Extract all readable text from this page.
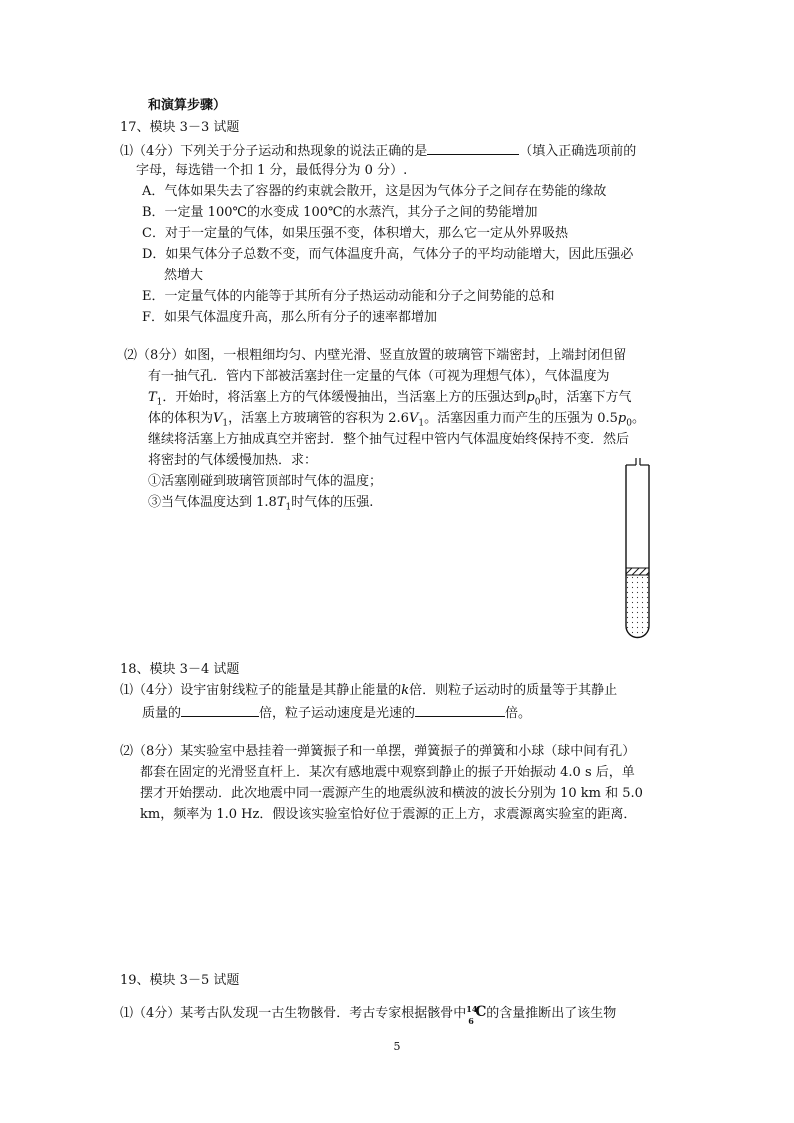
和演算步骤）
17、模块 3－3 试题
⑴（4分）下列关于分子运动和热现象的说法正确的是	（填入正确选项前的
字母，每选错一个扣 1 分，最低得分为 0 分）.
A．气体如果失去了容器的约束就会散开，这是因为气体分子之间存在势能的缘故
B．一定量 100℃的水变成 100℃的水蒸汽，其分子之间的势能增加
C．对于一定量的气体，如果压强不变，体积增大，那么它一定从外界吸热
D．如果气体分子总数不变，而气体温度升高，气体分子的平均动能增大，因此压强必
然增大
E．一定量气体的内能等于其所有分子热运动动能和分子之间势能的总和
F．如果气体温度升高，那么所有分子的速率都增加
⑵（8分）如图，一根粗细均匀、内壁光滑、竖直放置的玻璃管下端密封，上端封闭但留
有一抽气孔．管内下部被活塞封住一定量的气体（可视为理想气体），气体温度为
$T_1$．开始时，将活塞上方的气体缓慢抽出，当活塞上方的压强达到$p_0$时，活塞下方气
体的体积为$V_1$，活塞上方玻璃管的容积为 $2.6V_1$。活塞因重力而产生的压强为 $0.5p_0$。
继续将活塞上方抽成真空并密封．整个抽气过程中管内气体温度始终保持不变．然后
将密封的气体缓慢加热．求：
①活塞刚碰到玻璃管顶部时气体的温度；
③当气体温度达到 $1.8T_1$时气体的压强.
18、模块 3－4 试题
⑴（4分）设宇宙射线粒子的能量是其静止能量的k倍．则粒子运动时的质量等于其静止
质量的	倍，粒子运动速度是光速的	倍。
⑵（8分）某实验室中悬挂着一弹簧振子和一单摆，弹簧振子的弹簧和小球（球中间有孔）
都套在固定的光滑竖直杆上．某次有感地震中观察到静止的振子开始振动 4.0 s 后，单
摆才开始摆动．此次地震中同一震源产生的地震纵波和横波的波长分别为 10 km 和 5.0
km，频率为 1.0 Hz．假设该实验室恰好位于震源的正上方，求震源离实验室的距离．
19、模块 3－5 试题
⑴（4分）某考古队发现一古生物骸骨．考古专家根据骸骨中 14
6
C 的含量推断出了该生物
5
